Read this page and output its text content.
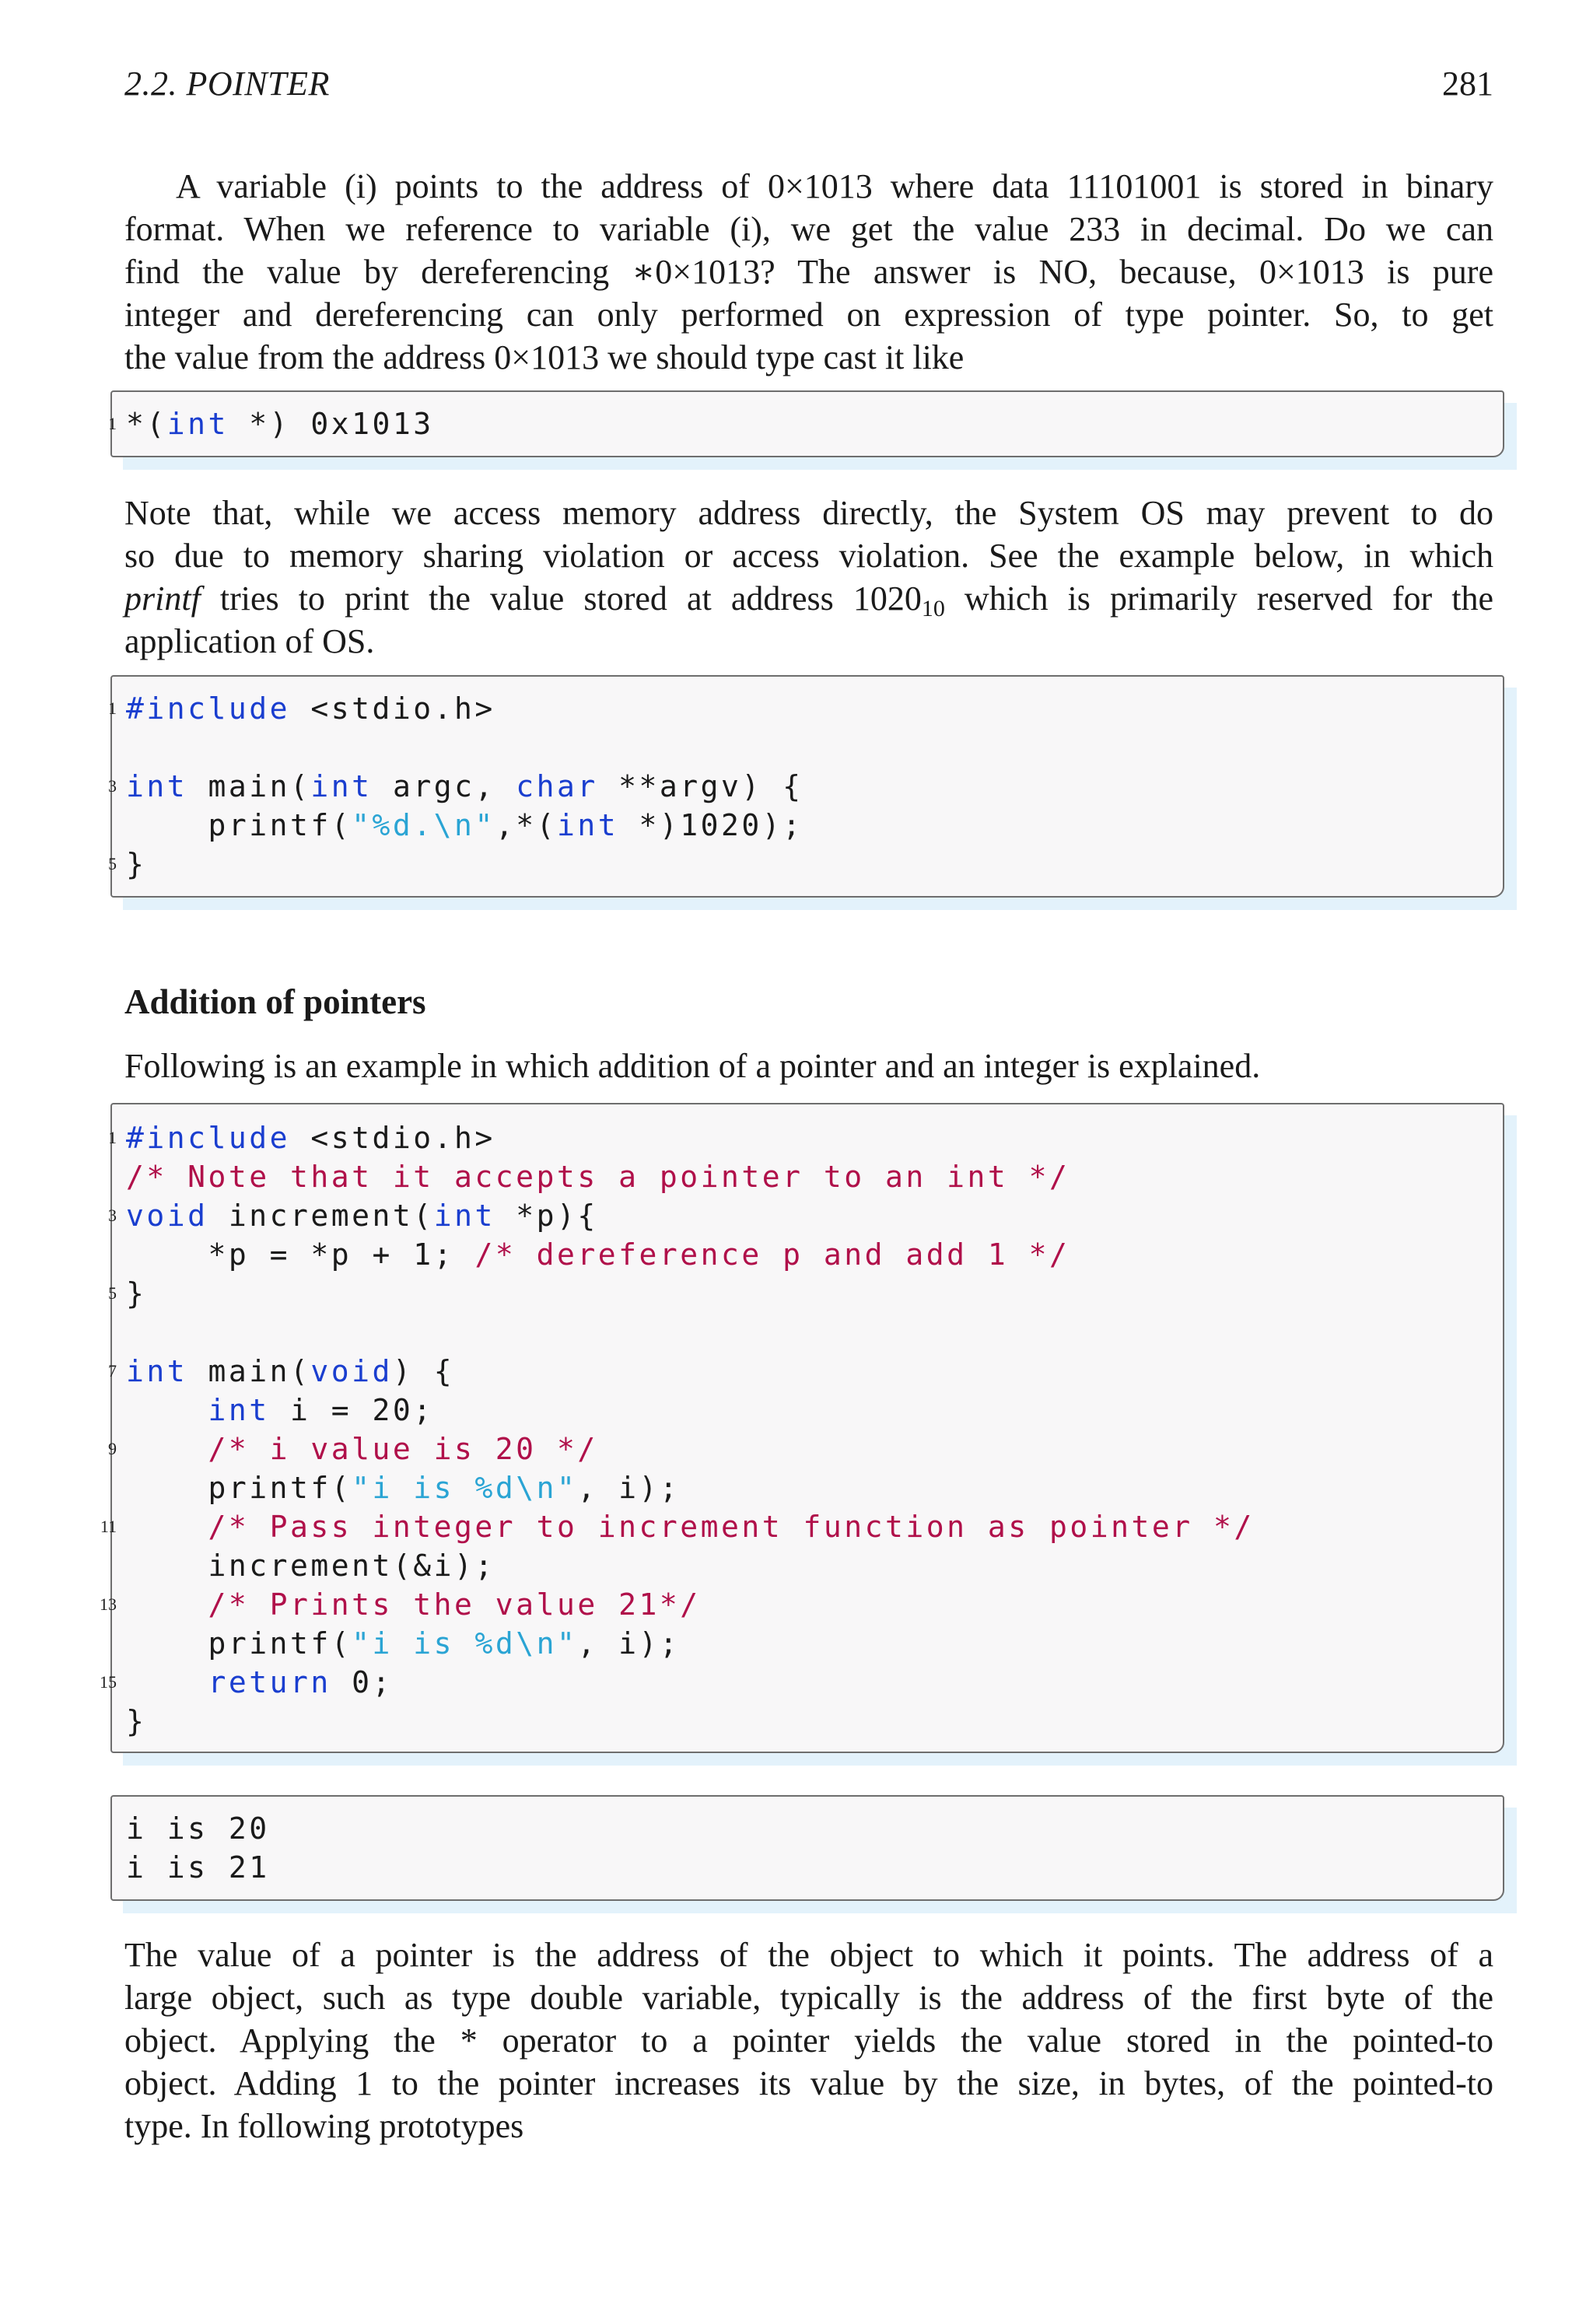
2.2. POINTER	281
A variable (i) points to the address of 0×1013 where data 11101001 is stored in binary
format. When we reference to variable (i), we get the value 233 in decimal. Do we can
find the value by dereferencing ∗0×1013? The answer is NO, because, 0×1013 is pure
integer and dereferencing can only performed on expression of type pointer. So, to get
the value from the address 0×1013 we should type cast it like
1 *(int *) 0x1013
Note that, while we access memory address directly, the System OS may prevent to do
so due to memory sharing violation or access violation. See the example below, in which
printf tries to print the value stored at address $1020_{10}$ which is primarily reserved for the
application of OS.
1 #include <stdio.h>
3 int main(int argc, char **argv) {
printf("%d.\n",*(int *)1020);
5 }
Addition of pointers
Following is an example in which addition of a pointer and an integer is explained.
1 #include <stdio.h>
/* Note that it accepts a pointer to an int */
3 void increment(int *p){
*p = *p + 1; /* dereference p and add 1 */
5 }
7 int main(void) {
int i = 20;
9	/* i value is 20 */
printf("i is %d\n", i);
11	/* Pass integer to increment function as pointer */
increment(&i);
13	/* Prints the value 21*/
printf("i is %d\n", i);
15	return 0;
}
i is 20
i is 21
The value of a pointer is the address of the object to which it points. The address of a
large object, such as type double variable, typically is the address of the first byte of the
object. Applying the * operator to a pointer yields the value stored in the pointed-to
object. Adding 1 to the pointer increases its value by the size, in bytes, of the pointed-to
type. In following prototypes
